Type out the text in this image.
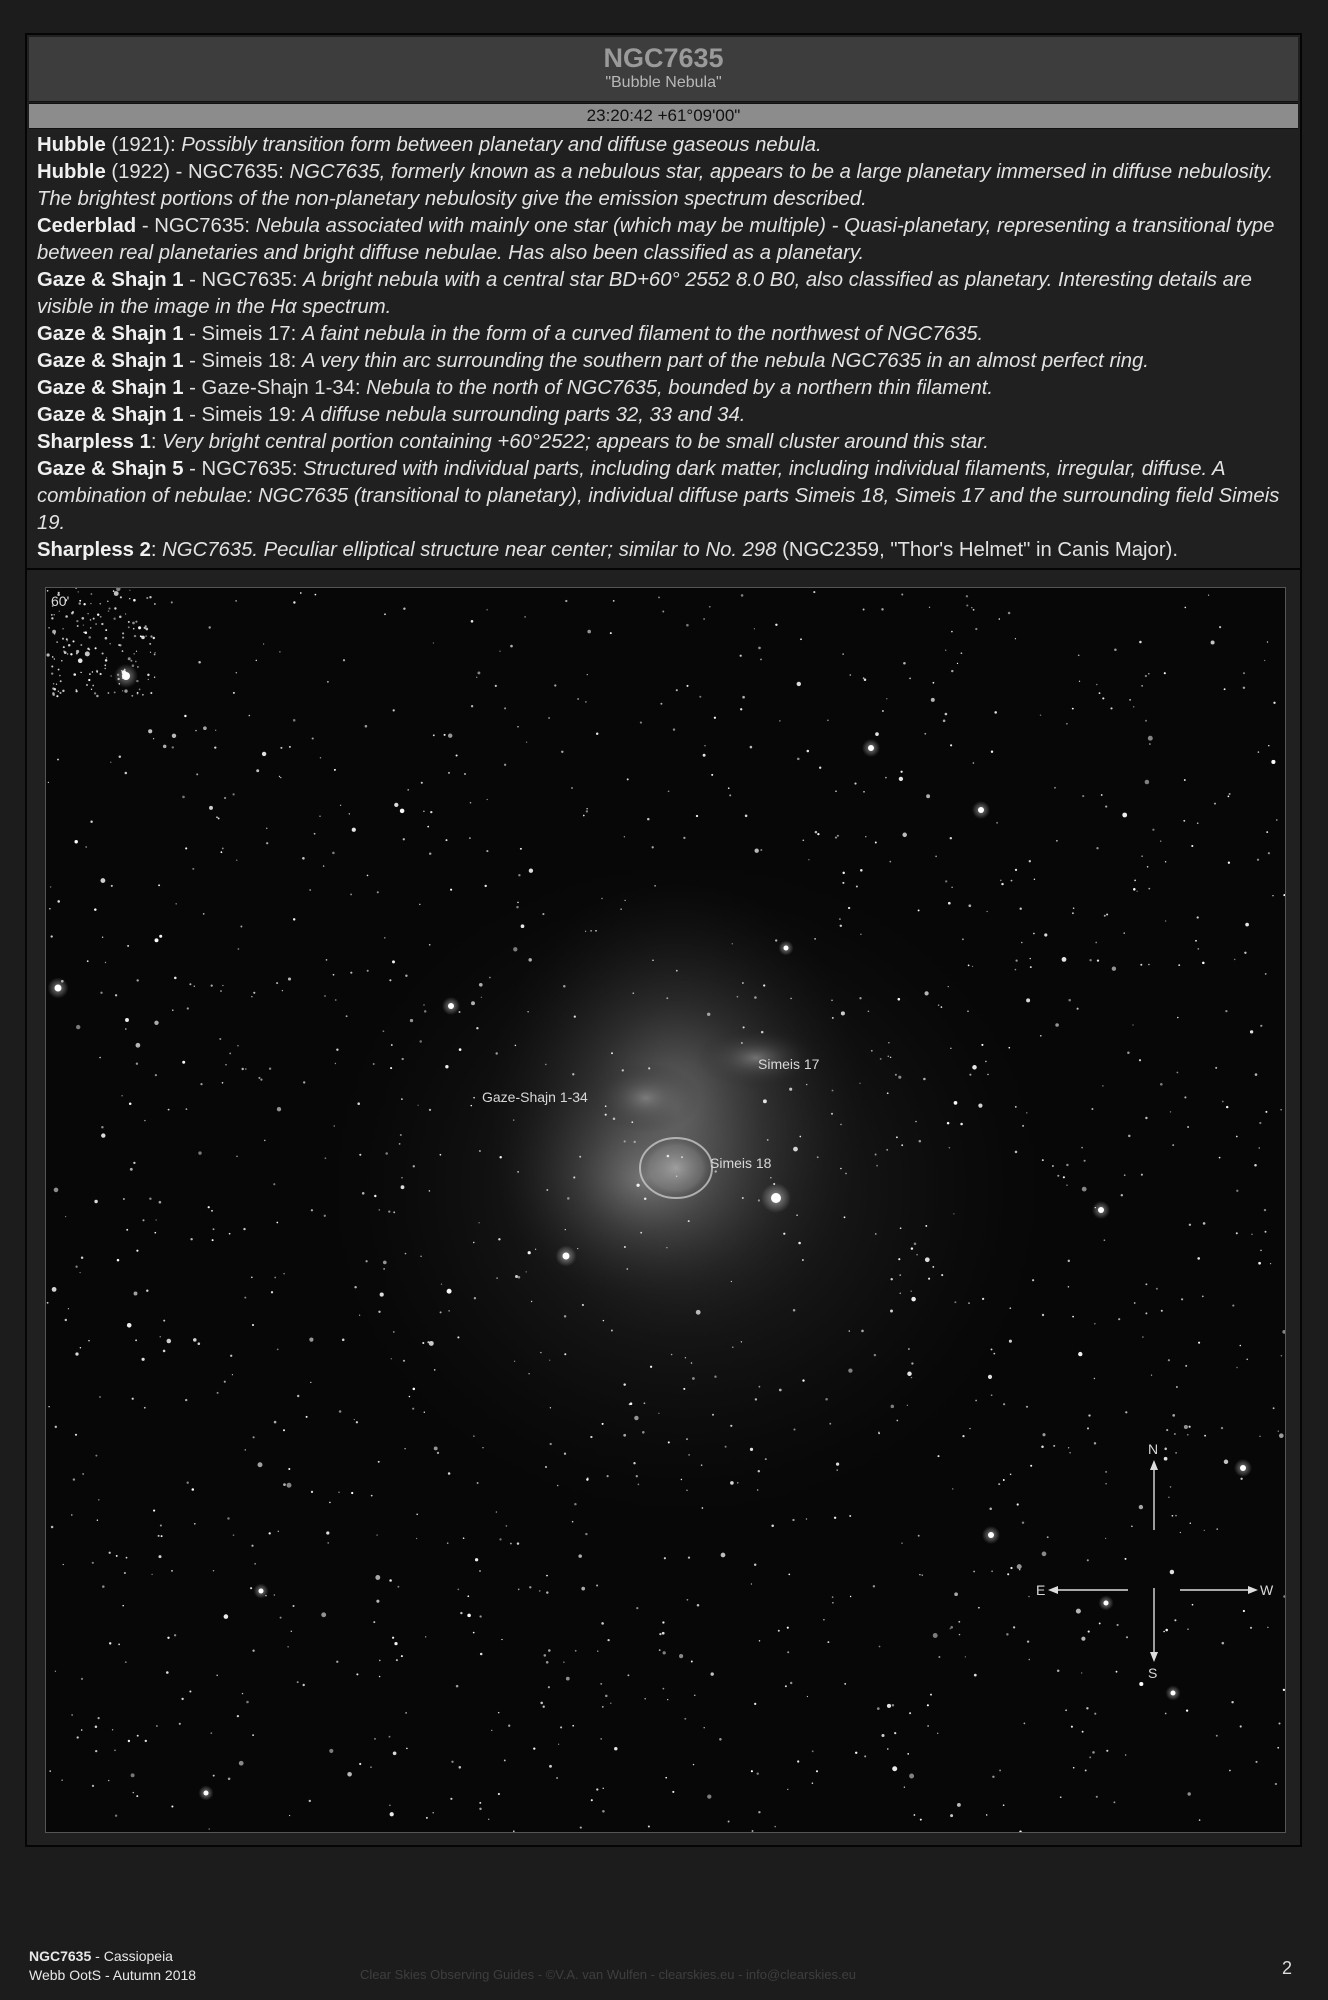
NGC7635
"Bubble Nebula"
23:20:42 +61°09'00"

Hubble (1921): Possibly transition form between planetary and diffuse gaseous nebula.

Hubble (1922) - NGC7635: NGC7635, formerly known as a nebulous star, appears to be a large planetary immersed in diffuse nebulosity. The brightest portions of the non-planetary nebulosity give the emission spectrum described.

Cederblad - NGC7635: Nebula associated with mainly one star (which may be multiple) - Quasi-planetary, representing a transitional type between real planetaries and bright diffuse nebulae. Has also been classified as a planetary.

Gaze & Shajn 1 - NGC7635: A bright nebula with a central star BD+60° 2552 8.0 B0, also classified as planetary. Interesting details are visible in the image in the Hα spectrum.

Gaze & Shajn 1 - Simeis 17: A faint nebula in the form of a curved filament to the northwest of NGC7635.

Gaze & Shajn 1 - Simeis 18: A very thin arc surrounding the southern part of the nebula NGC7635 in an almost perfect ring.

Gaze & Shajn 1 - Gaze-Shajn 1-34: Nebula to the north of NGC7635, bounded by a northern thin filament.

Gaze & Shajn 1 - Simeis 19: A diffuse nebula surrounding parts 32, 33 and 34.

Sharpless 1: Very bright central portion containing +60°2522; appears to be small cluster around this star.

Gaze & Shajn 5 - NGC7635: Structured with individual parts, including dark matter, including individual filaments, irregular, diffuse. A combination of nebulae: NGC7635 (transitional to planetary), individual diffuse parts Simeis 18, Simeis 17 and the surrounding field Simeis 19.

Sharpless 2: NGC7635. Peculiar elliptical structure near center; similar to No. 298 (NGC2359, "Thor's Helmet" in Canis Major).

60'
Simeis 17
Gaze-Shajn 1-34
Simeis 18
N
S
E	W
NGC7635 - Cassiopeia
Webb OotS - Autumn 2018	Clear Skies Observing Guides - ©V.A. van Wulfen - clearskies.eu - info@clearskies.eu	2
